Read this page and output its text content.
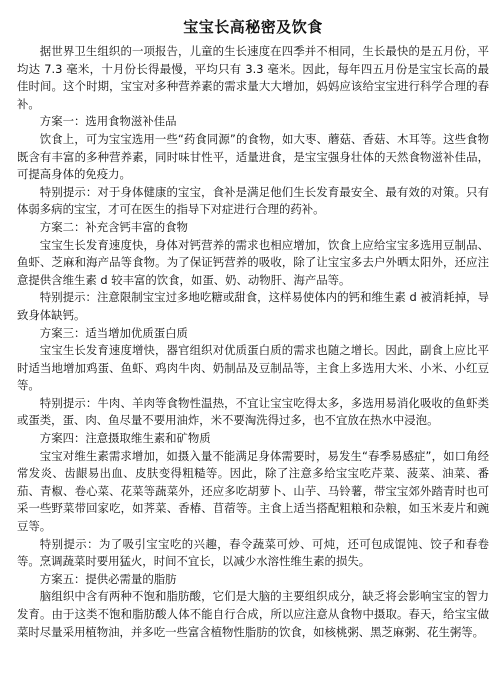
宝宝长高秘密及饮食

据世界卫生组织的一项报告，儿童的生长速度在四季并不相同，生长最快的是五月份，平均达 7.3 毫米，十月份长得最慢，平均只有 3.3 毫米。因此，每年四五月份是宝宝长高的最佳时间。这个时期，宝宝对多种营养素的需求量大大增加，妈妈应该给宝宝进行科学合理的春补。

方案一：选用食物滋补佳品

饮食上，可为宝宝选用一些“药食同源”的食物，如大枣、蘑菇、香菇、木耳等。这些食物既含有丰富的多种营养素，同时味甘性平，适量进食，是宝宝强身壮体的天然食物滋补佳品，可提高身体的免疫力。

特别提示：对于身体健康的宝宝，食补是满足他们生长发育最安全、最有效的对策。只有体弱多病的宝宝，才可在医生的指导下对症进行合理的药补。

方案二：补充含钙丰富的食物

宝宝生长发育速度快，身体对钙营养的需求也相应增加，饮食上应给宝宝多选用豆制品、鱼虾、芝麻和海产品等食物。为了保证钙营养的吸收，除了让宝宝多去户外晒太阳外，还应注意提供含维生素 d 较丰富的饮食，如蛋、奶、动物肝、海产品等。

特别提示：注意限制宝宝过多地吃糖或甜食，这样易使体内的钙和维生素 d 被消耗掉，导致身体缺钙。

方案三：适当增加优质蛋白质

宝宝生长发育速度增快，器官组织对优质蛋白质的需求也随之增长。因此，副食上应比平时适当地增加鸡蛋、鱼虾、鸡肉牛肉、奶制品及豆制品等，主食上多选用大米、小米、小红豆等。

特别提示：牛肉、羊肉等食物性温热，不宜让宝宝吃得太多，多选用易消化吸收的鱼虾类或蛋类，蛋、肉、鱼尽量不要用油炸，米不要淘洗得过多，也不宜放在热水中浸泡。

方案四：注意摄取维生素和矿物质

宝宝对维生素需求增加，如摄入量不能满足身体需要时，易发生“春季易感症”，如口角经常发炎、齿龈易出血、皮肤变得粗糙等。因此，除了注意多给宝宝吃芹菜、菠菜、油菜、番茄、青椒、卷心菜、花菜等蔬菜外，还应多吃胡萝卜、山芋、马铃薯，带宝宝郊外踏青时也可采一些野菜带回家吃，如荠菜、香椿、苜蓿等。主食上适当搭配粗粮和杂粮，如玉米麦片和豌豆等。

特别提示：为了吸引宝宝吃的兴趣，春令蔬菜可炒、可炖，还可包成馄饨、饺子和春卷等。烹调蔬菜时要用猛火，时间不宜长，以减少水溶性维生素的损失。

方案五：提供必需量的脂肪

脑组织中含有两种不饱和脂肪酸，它们是大脑的主要组织成分，缺乏将会影响宝宝的智力发育。由于这类不饱和脂肪酸人体不能自行合成，所以应注意从食物中摄取。春天，给宝宝做菜时尽量采用植物油，并多吃一些富含植物性脂肪的饮食，如核桃粥、黑芝麻粥、花生粥等。
